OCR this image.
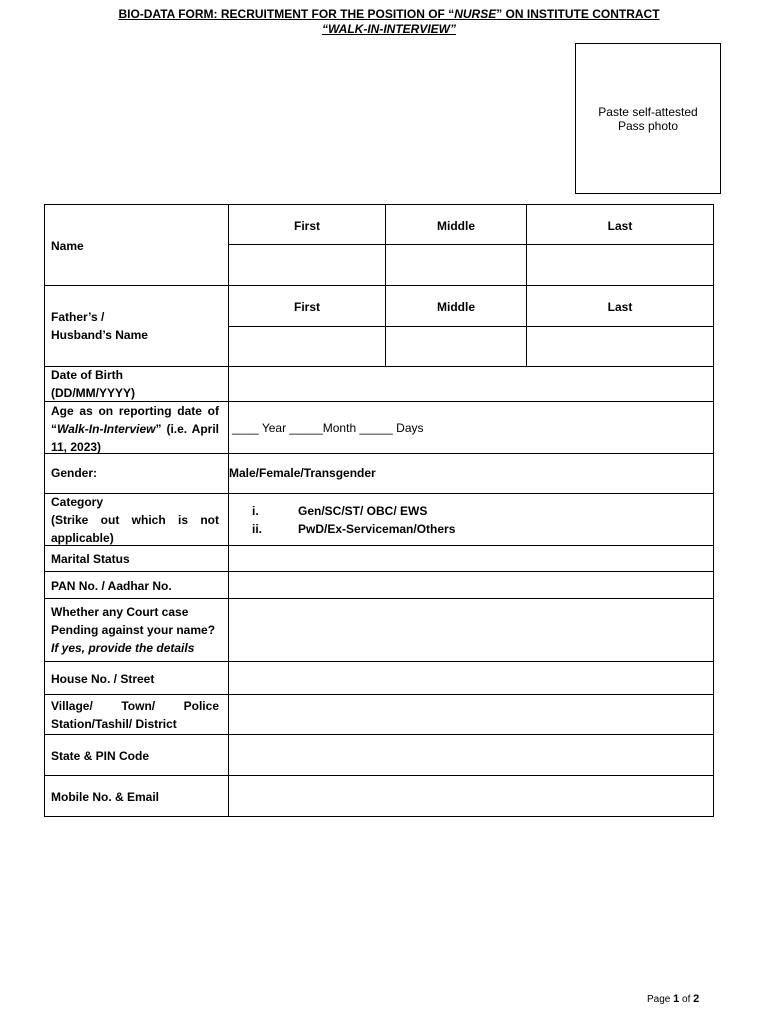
BIO-DATA FORM: RECRUITMENT FOR THE POSITION OF “NURSE” ON INSTITUTE CONTRACT
“WALK-IN-INTERVIEW”
Paste self-attested
Pass photo
Name
First	Middle	Last
Father’s /
Husband’s Name
First	Middle	Last
Date of Birth
(DD/MM/YYYY)
Age as on reporting date of
“Walk-In-Interview” (i.e. April
11, 2023)
____ Year _____Month _____ Days
Gender:	Male/Female/Transgender
Category
(Strike out which is not
applicable)
i.	Gen/SC/ST/ OBC/ EWS
ii.	PwD/Ex-Serviceman/Others
Marital Status
PAN No. / Aadhar No.
Whether any Court case
Pending against your name?
If yes, provide the details
House No. / Street
Village/ Town/ Police
Station/Tashil/ District
State & PIN Code
Mobile No. & Email
Page 1 of 2
